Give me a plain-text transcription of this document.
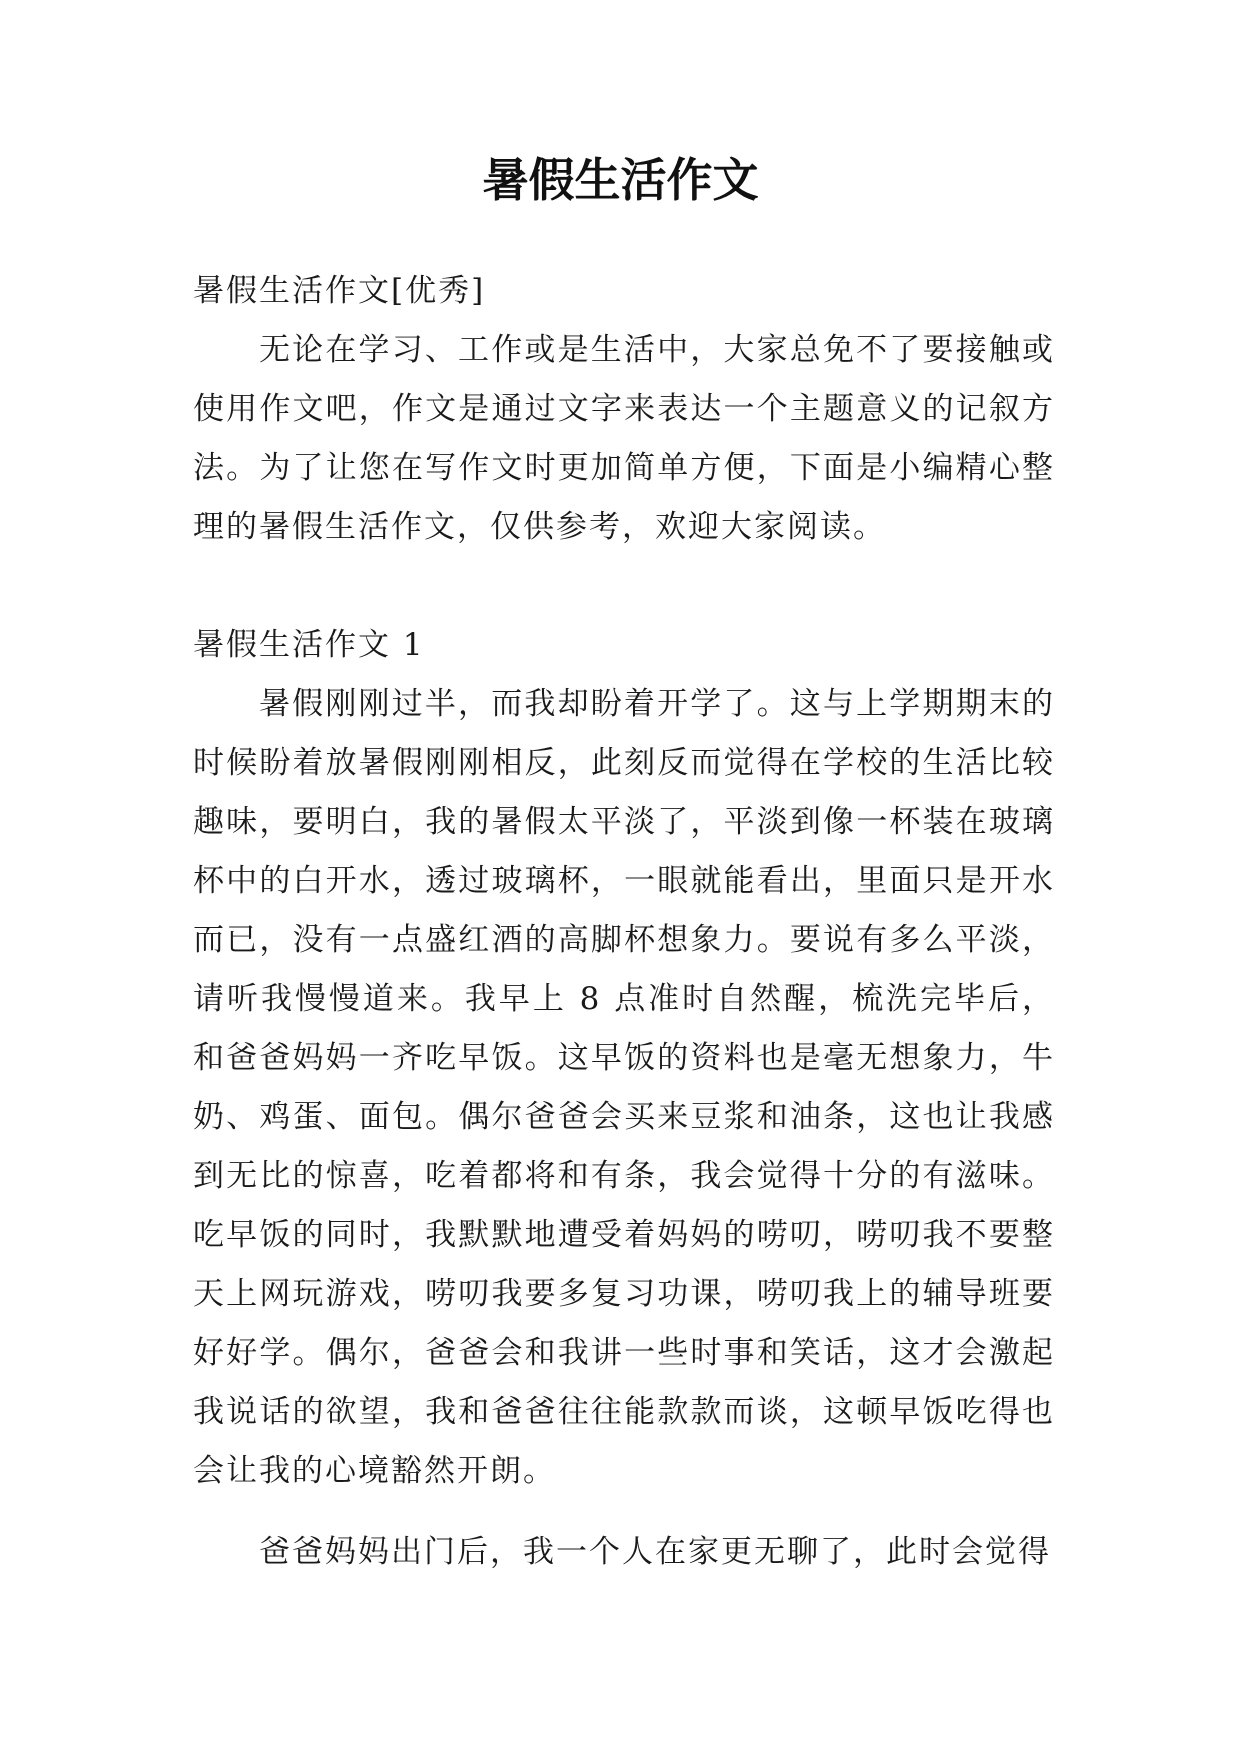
暑假生活作文

暑假生活作文[优秀]

无论在学习、工作或是生活中，大家总免不了要接触或使用作文吧，作文是通过文字来表达一个主题意义的记叙方法。为了让您在写作文时更加简单方便，下面是小编精心整理的暑假生活作文，仅供参考，欢迎大家阅读。

暑假生活作文 1

暑假刚刚过半，而我却盼着开学了。这与上学期期末的时候盼着放暑假刚刚相反，此刻反而觉得在学校的生活比较趣味，要明白，我的暑假太平淡了，平淡到像一杯装在玻璃杯中的白开水，透过玻璃杯，一眼就能看出，里面只是开水而已，没有一点盛红酒的高脚杯想象力。要说有多么平淡，请听我慢慢道来。我早上 8 点准时自然醒，梳洗完毕后，和爸爸妈妈一齐吃早饭。这早饭的资料也是毫无想象力，牛奶、鸡蛋、面包。偶尔爸爸会买来豆浆和油条，这也让我感到无比的惊喜，吃着都将和有条，我会觉得十分的有滋味。吃早饭的同时，我默默地遭受着妈妈的唠叨，唠叨我不要整天上网玩游戏，唠叨我要多复习功课，唠叨我上的辅导班要好好学。偶尔，爸爸会和我讲一些时事和笑话，这才会激起我说话的欲望，我和爸爸往往能款款而谈，这顿早饭吃得也会让我的心境豁然开朗。

爸爸妈妈出门后，我一个人在家更无聊了，此时会觉得
